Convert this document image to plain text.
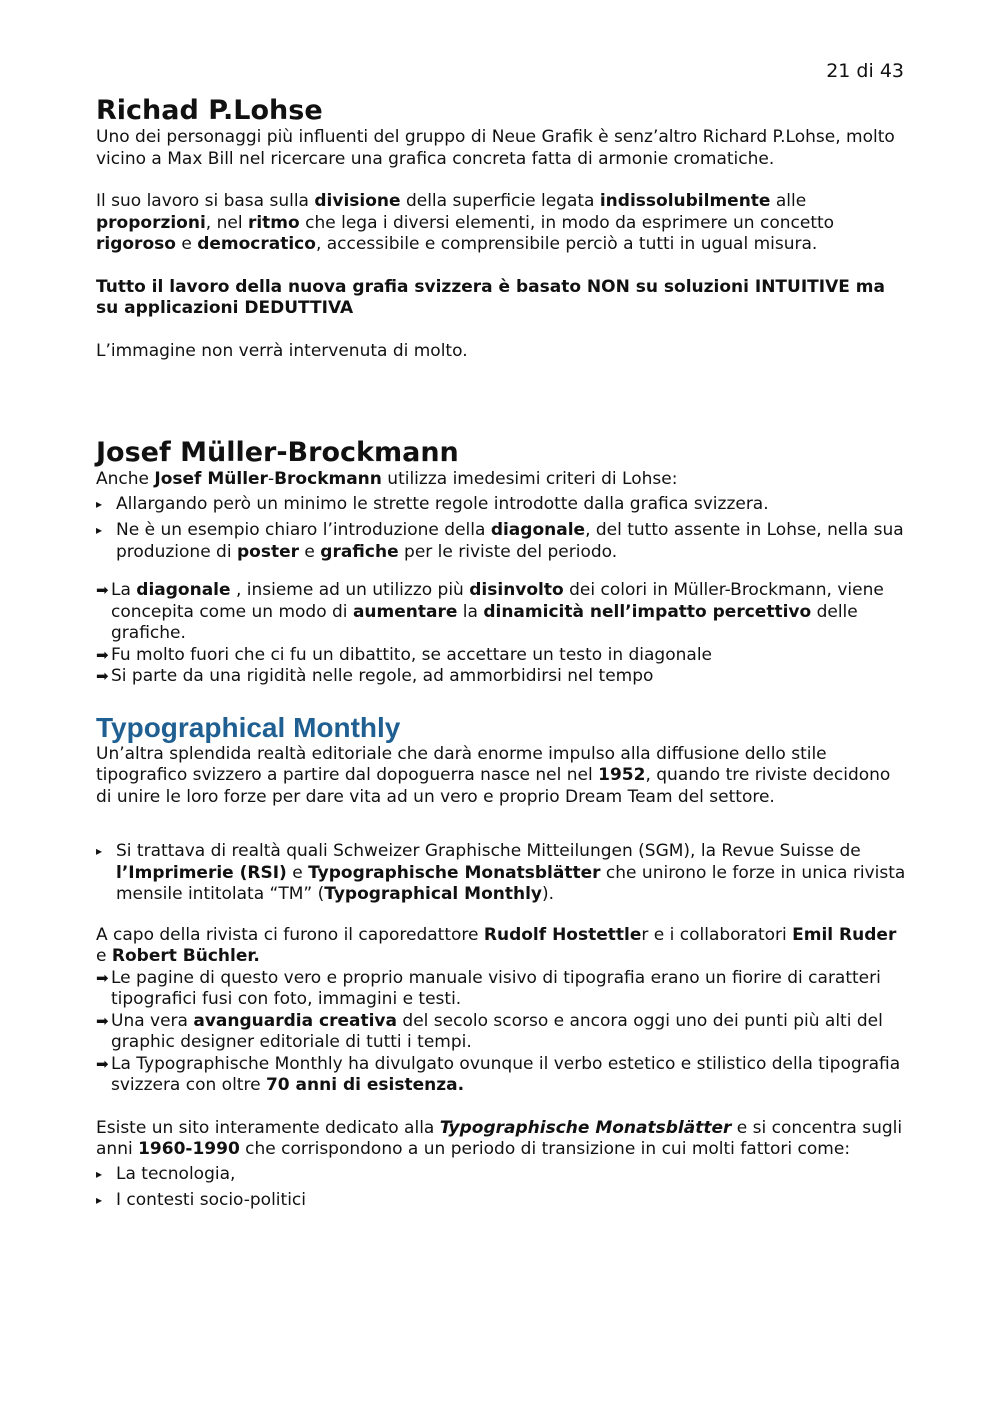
21 di 43
Richad P.Lohse

Uno dei personaggi più influenti del gruppo di Neue Grafik è senz’altro Richard P.Lohse, molto vicino a Max Bill nel ricercare una grafica concreta fatta di armonie cromatiche.

Il suo lavoro si basa sulla divisione della superficie legata indissolubilmente alle proporzioni, nel ritmo che lega i diversi elementi, in modo da esprimere un concetto rigoroso e democratico, accessibile e comprensibile perciò a tutti in ugual misura.

Tutto il lavoro della nuova grafia svizzera è basato NON su soluzioni INTUITIVE ma su applicazioni DEDUTTIVA

L’immagine non verrà intervenuta di molto.

Josef Müller-Brockmann

Anche Josef Müller-Brockmann utilizza imedesimi criteri di Lohse:

▸ Allargando però un minimo le strette regole introdotte dalla grafica svizzera.
▸ Ne è un esempio chiaro l’introduzione della diagonale, del tutto assente in Lohse, nella sua produzione di poster e grafiche per le riviste del periodo.
➡ La diagonale , insieme ad un utilizzo più disinvolto dei colori in Müller-Brockmann, viene concepita come un modo di aumentare la dinamicità nell’impatto percettivo delle grafiche.
➡ Fu molto fuori che ci fu un dibattito, se accettare un testo in diagonale
➡ Si parte da una rigidità nelle regole, ad ammorbidirsi nel tempo
Typographical Monthly

Un’altra splendida realtà editoriale che darà enorme impulso alla diffusione dello stile tipografico svizzero a partire dal dopoguerra nasce nel nel 1952, quando tre riviste decidono di unire le loro forze per dare vita ad un vero e proprio Dream Team del settore.

▸ Si trattava di realtà quali Schweizer Graphische Mitteilungen (SGM), la Revue Suisse de l’Imprimerie (RSI) e Typographische Monatsblätter che unirono le forze in unica rivista mensile intitolata “TM” (Typographical Monthly).

A capo della rivista ci furono il caporedattore Rudolf Hostettler e i collaboratori Emil Ruder e Robert Büchler.

➡ Le pagine di questo vero e proprio manuale visivo di tipografia erano un fiorire di caratteri tipografici fusi con foto, immagini e testi.
➡ Una vera avanguardia creativa del secolo scorso e ancora oggi uno dei punti più alti del graphic designer editoriale di tutti i tempi.
➡ La Typographische Monthly ha divulgato ovunque il verbo estetico e stilistico della tipografia svizzera con oltre 70 anni di esistenza.

Esiste un sito interamente dedicato alla Typographische Monatsblätter e si concentra sugli anni 1960-1990 che corrispondono a un periodo di transizione in cui molti fattori come:

▸ La tecnologia,
▸ I contesti socio-politici
